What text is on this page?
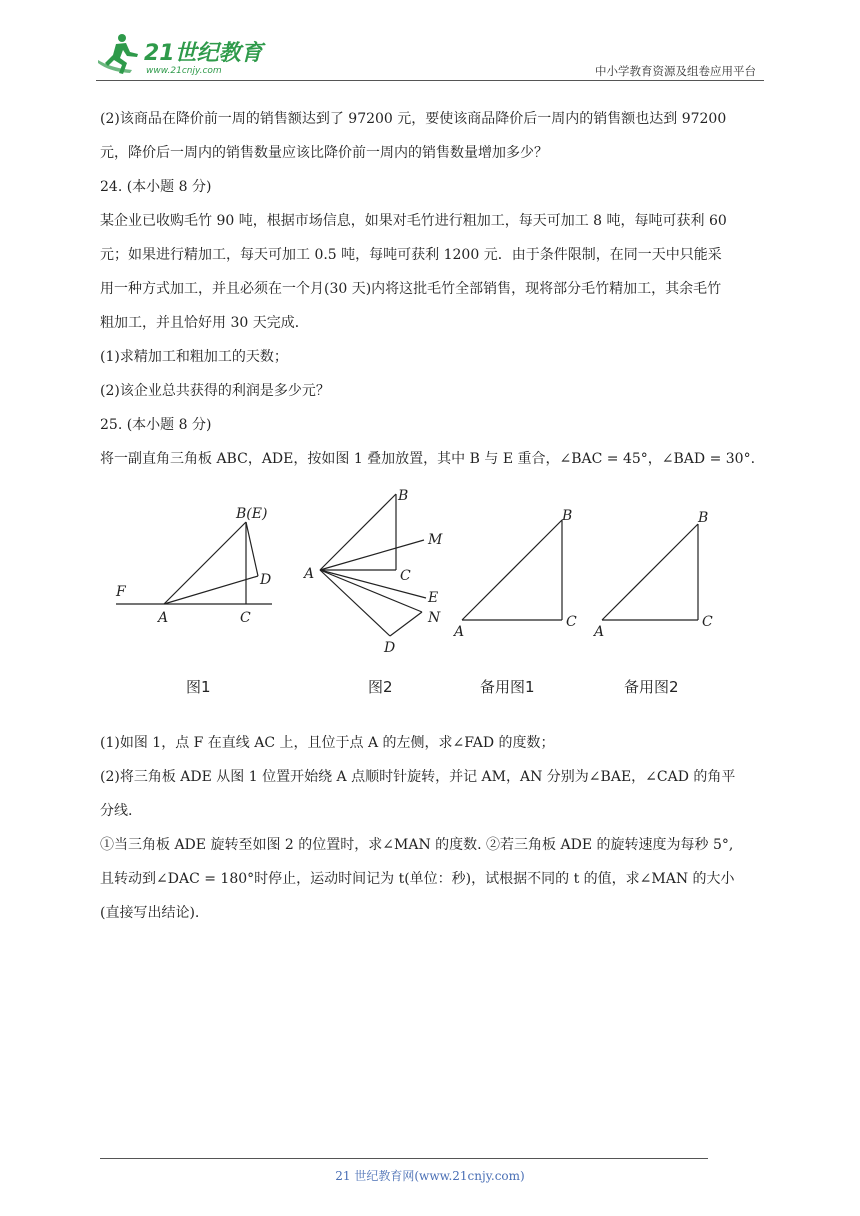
21世纪教育
www.21cnjy.com	中小学教育资源及组卷应用平台

(2)该商品在降价前一周的销售额达到了 97200 元，要使该商品降价后一周内的销售额也达到 97200

元，降价后一周内的销售数量应该比降价前一周内的销售数量增加多少？

24. (本小题 8 分)

某企业已收购毛竹 90 吨，根据市场信息，如果对毛竹进行粗加工，每天可加工 8 吨，每吨可获利 60

元；如果进行精加工，每天可加工 0.5 吨，每吨可获利 1200 元．由于条件限制，在同一天中只能采

用一种方式加工，并且必须在一个月(30 天)内将这批毛竹全部销售，现将部分毛竹精加工，其余毛竹

粗加工，并且恰好用 30 天完成．

(1)求精加工和粗加工的天数；

(2)该企业总共获得的利润是多少元？

25. (本小题 8 分)

将一副直角三角板 ABC，ADE，按如图 1 叠加放置，其中 B 与 E 重合，∠BAC = 45°，∠BAD = 30°.

B(E)
D
F
A	C
图1
B
M
A	C
E
N
D
图2
B
A
C
备用图1
B
A
C
备用图2

(1)如图 1，点 F 在直线 AC 上，且位于点 A 的左侧，求∠FAD 的度数；

(2)将三角板 ADE 从图 1 位置开始绕 A 点顺时针旋转，并记 AM，AN 分别为∠BAE，∠CAD 的角平

分线.

①当三角板 ADE 旋转至如图 2 的位置时，求∠MAN 的度数. ②若三角板 ADE 的旋转速度为每秒 5°,

且转动到∠DAC = 180°时停止，运动时间记为 t(单位：秒)，试根据不同的 t 的值，求∠MAN 的大小

(直接写出结论).

21 世纪教育网(www.21cnjy.com)
